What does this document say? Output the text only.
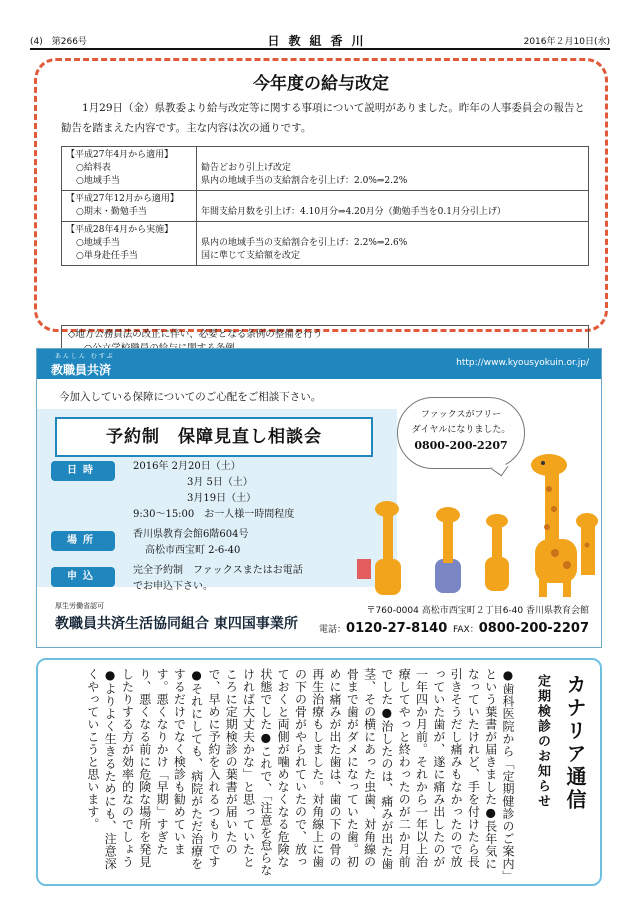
(4)　第266号	日教組香川	2016年２月10日(水)
今年度の給与改定
1月29日（金）県教委より給与改定等に関する事項について説明がありました。昨年の人事委員会の報告と勧告を踏まえた内容です。主な内容は次の通りです。
【平成27年4月から適用】
○給料表
○地域手当	勧告どおり引上げ改定
県内の地域手当の支給割合を引上げ：2.0%⇒2.2%

【平成27年12月から適用】
○期末・勤勉手当	年間支給月数を引上げ：4.10月分⇒4.20月分（勤勉手当を0.1月分引上げ）

【平成28年4月から実施】
○地域手当
○単身赴任手当	県内の地域手当の支給割合を引上げ：2.2%⇒2.6%
国に準じて支給額を改定
◇地方公務員法の改正に伴い、必要となる条例の整備を行う
あんしん むすぶ
教職員共済	http://www.kyousyokuin.or.jp/
今加入している保障についてのご心配をご相談下さい。
予約制　保障見直し相談会
日時	2016年 2月20日（土）
3月 5日（土）
3月19日（土）
9:30～15:00　お一人様一時間程度
場所
香川県教育会館6階604号
高松市西宝町 2-6-40
申込
完全予約制　ファックスまたはお電話
でお申込下さい。
ファックスがフリー
ダイヤルになりました。
0800-200-2207
厚生労働省認可
教職員共済生活協同組合 東四国事業所
〒760-0004 高松市西宝町２丁目6-40 香川県教育会館
電話：0120-27-8140 FAX：0800-200-2207
カナリア通信
定期検診のお知らせ
●歯科医院から「定期健診のご案内」という葉書が届きました●長年気になっていたけれど、手を付けたら長引きそうだし痛みもなかったので放っていた歯が、遂に痛み出したのが一年四か月前。それから一年以上治療してやっと終わったのが二か月前でした●治したのは、痛みが出た歯茎、その横にあった虫歯、対角線の骨まで歯がダメになっていた歯。初めに痛みが出た歯は、歯の下の骨の再生治療もしました。対角線上に歯の下の骨がやられていたので、放っておくと両側が噛めなくなる危険な状態でした●これで、「注意を怠らなければ大丈夫かな」と思っていたところに定期検診の葉書が届いたので、早めに予約を入れるつもりです●それにしても、病院がただ治療をするだけでなく検診も勧めています。悪くなりかけ「早期」すぎたり、悪くなる前に危険な場所を発見したりする方が効率的なのでしょう●よりよく生きるためにも、注意深くやっていこうと思います。
